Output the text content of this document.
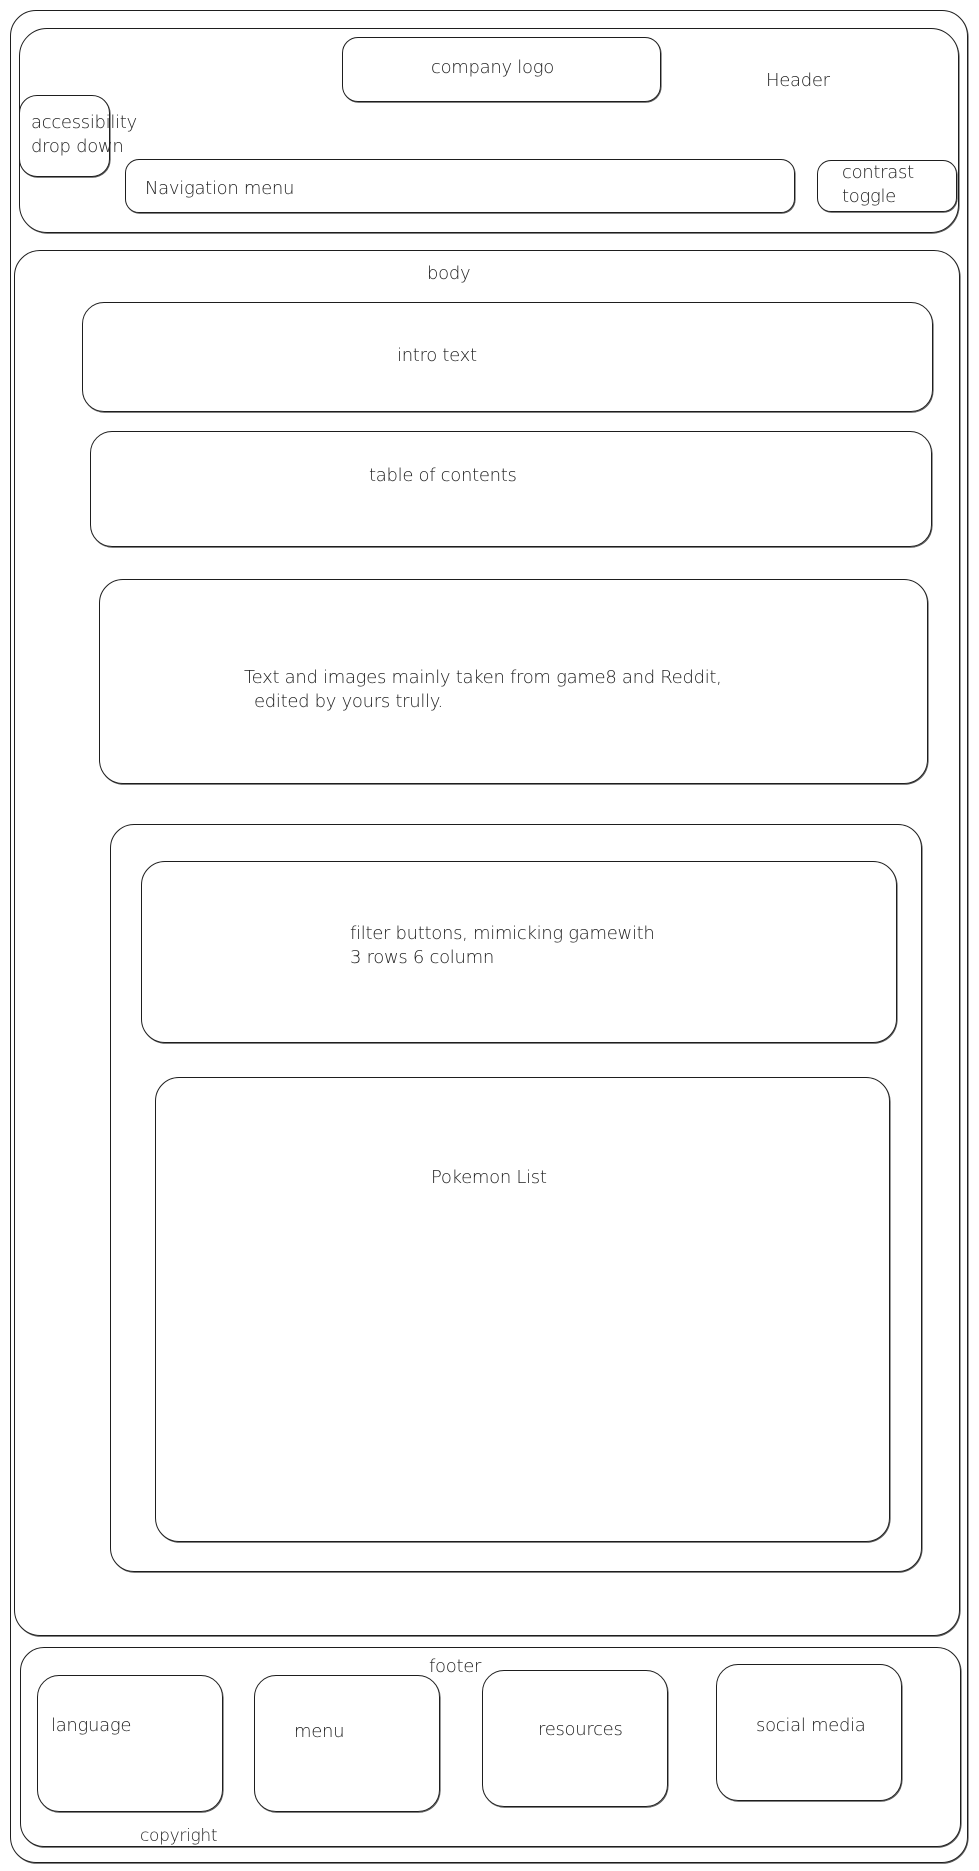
Header
company logo
accessibility
drop down
Navigation menu
contrast
toggle
body
intro text
table of contents
Text and images mainly taken from game8 and Reddit,
edited by yours trully.
filter buttons, mimicking gamewith
3 rows 6 column
Pokemon List
footer
language	menu	resources	social media
copyright
